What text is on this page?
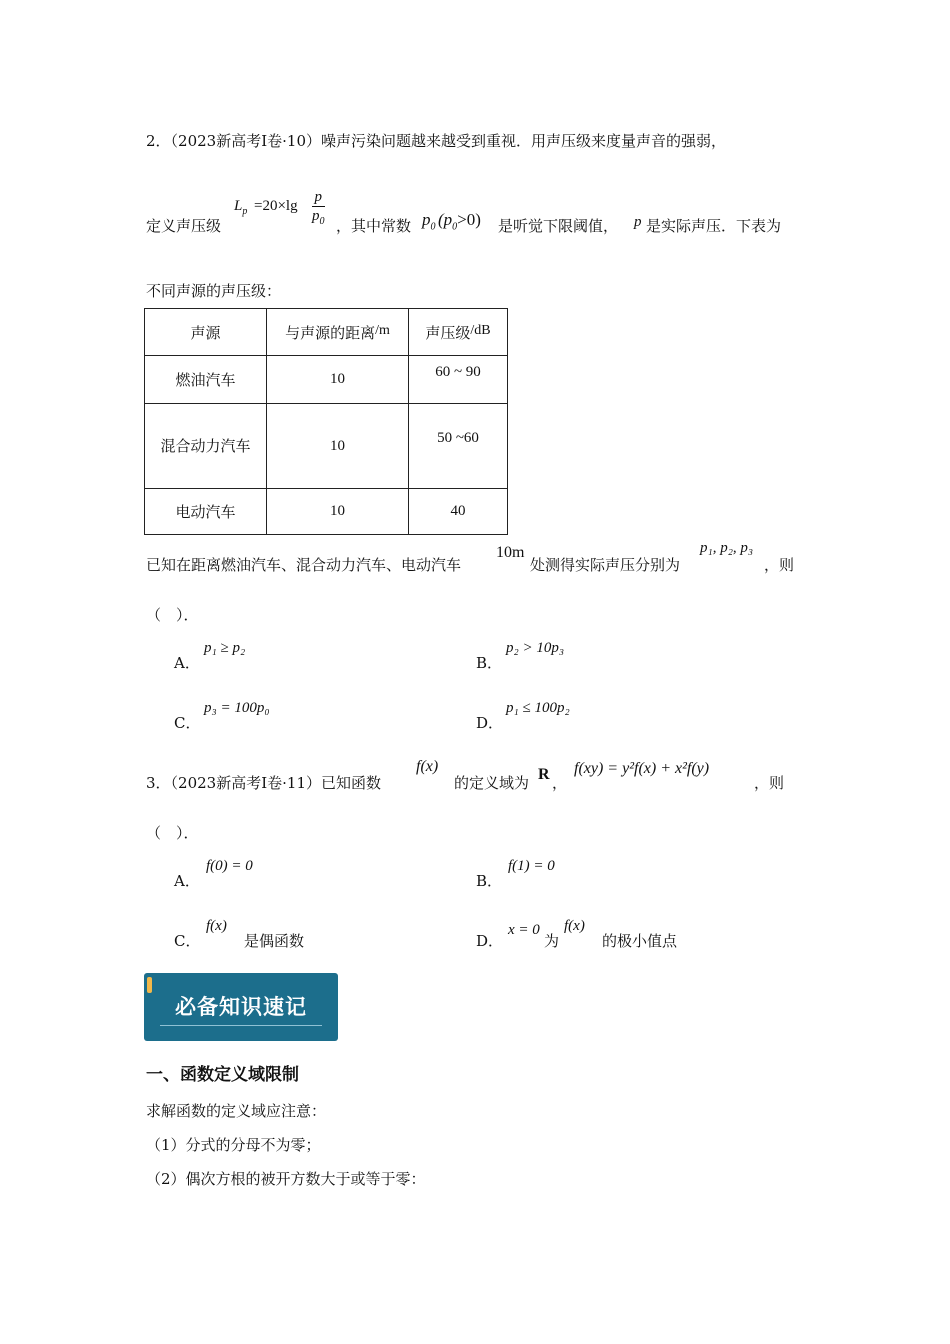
2．（2023新高考Ⅰ卷·10）噪声污染问题越来越受到重视．用声压级来度量声音的强弱，
定义声压级
$L_p =20\times\lg \frac{p}{p_0}$ ，其中常数 $p_0$ $(p_0>0)$ 是听觉下限阈值， p 是实际声压．下表为
不同声源的声压级：
声源	与声源的距离/m	声压级/dB
燃油汽车	10	60 ~ 90
混合动力汽车	10	50 ~60
电动汽车	10	40
已知在距离燃油汽车、混合动力汽车、电动汽车
10m
处测得实际声压分别为
p₁, p₂, p₃
，则
（　）．
A．
p₁ ≥ p₂
B．
p₂ > 10p₃
C．
p₃ = 100p₀
D．
p₁ ≤ 100p₂
3．（2023新高考Ⅰ卷·11）已知函数
f(x)
的定义域为 R ，
f(xy) = y²f(x) + x²f(y)
，则
（　）．
A．
f(0) = 0
B．
f(1) = 0
C．
f(x)
是偶函数	D．
x = 0
为
f(x)
的极小值点
必备知识速记
一、函数定义域限制
求解函数的定义域应注意：
（1）分式的分母不为零；
（2）偶次方根的被开方数大于或等于零：
